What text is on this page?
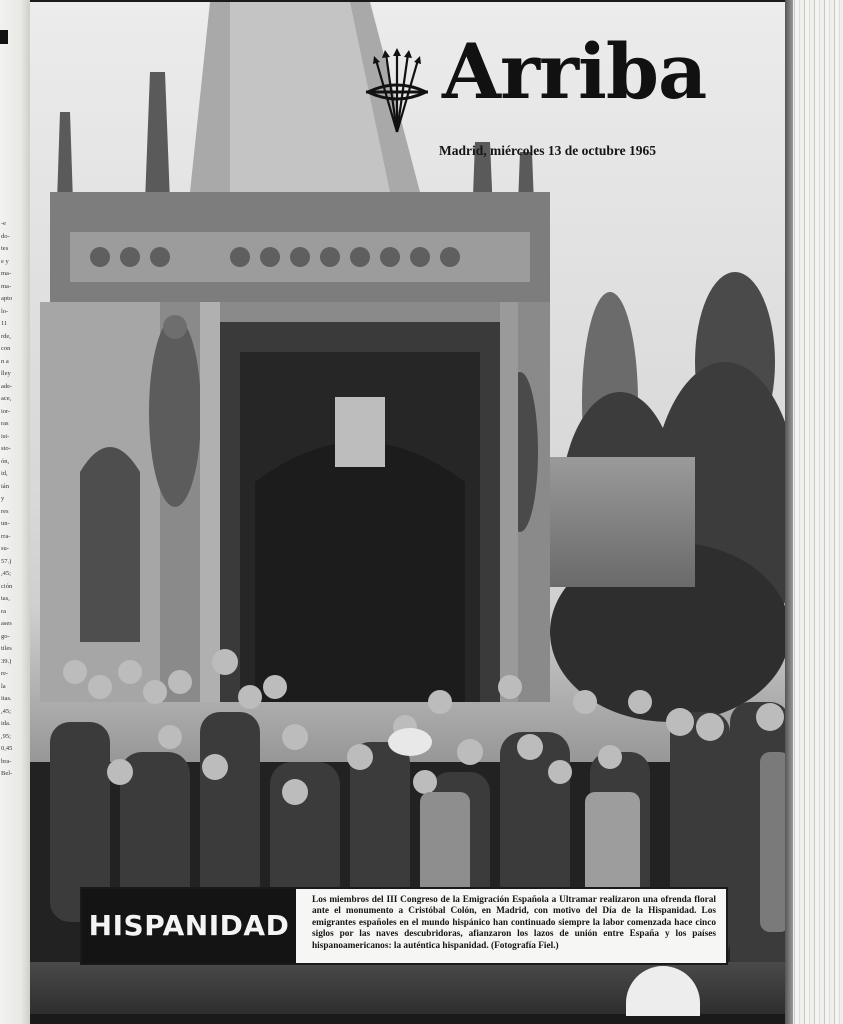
-e
do-
tes
e y
ma-
ma-
apto
lo-
11
rde,
con
n a
lley
ade-
ace,
ior-
ras
ist-
sto-
ón,
id,
ián
y
res
un-
rra-
su-
57.)
,45;
ción
tas,
ra
ases
go-
tiles
39.)
re-
la
itas.
,45;
ida.
,95;
0,45
bra-
Bel-
Arriba
Madrid, miércoles 13 de octubre 1965
HISPANIDAD
Los miembros del III Congreso de la Emigración Española a Ultramar realizaron una ofrenda floral ante el monumento a Cristóbal Colón, en Madrid, con motivo del Día de la Hispanidad. Los emigrantes españoles en el mundo hispánico han continuado siempre la labor comenzada hace cinco siglos por las naves descubridoras, afianzaron los lazos de unión entre España y los países hispanoamericanos: la auténtica hispanidad. (Fotografía Fiel.)
